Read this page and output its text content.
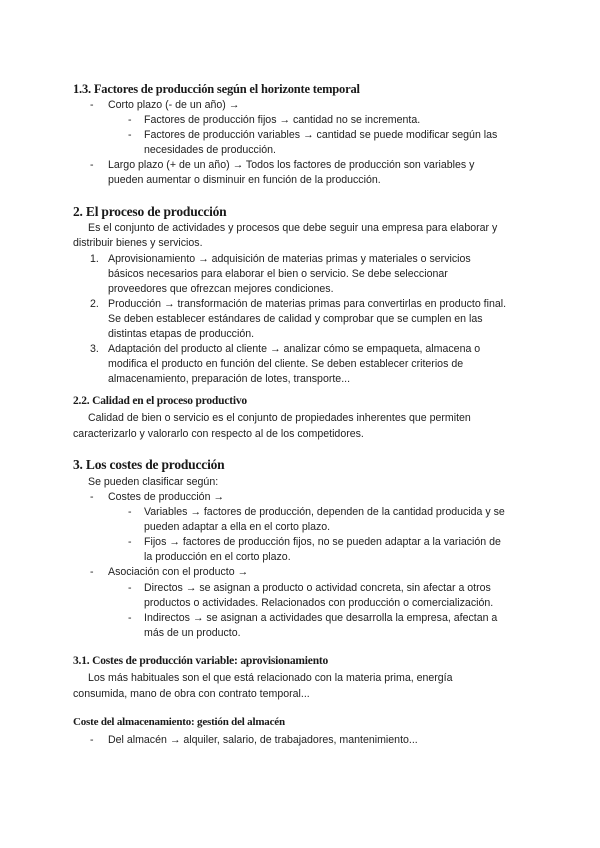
1.3. Factores de producción según el horizonte temporal
- Corto plazo (- de un año) →
- Factores de producción fijos → cantidad no se incrementa.
- Factores de producción variables → cantidad se puede modificar según las
necesidades de producción.
- Largo plazo (+ de un año) → Todos los factores de producción son variables y
pueden aumentar o disminuir en función de la producción.
2. El proceso de producción
Es el conjunto de actividades y procesos que debe seguir una empresa para elaborar y
distribuir bienes y servicios.
1. Aprovisionamiento → adquisición de materias primas y materiales o servicios
básicos necesarios para elaborar el bien o servicio. Se debe seleccionar
proveedores que ofrezcan mejores condiciones.
2. Producción → transformación de materias primas para convertirlas en producto final.
Se deben establecer estándares de calidad y comprobar que se cumplen en las
distintas etapas de producción.
3. Adaptación del producto al cliente → analizar cómo se empaqueta, almacena o
modifica el producto en función del cliente. Se deben establecer criterios de
almacenamiento, preparación de lotes, transporte...
2.2. Calidad en el proceso productivo
Calidad de bien o servicio es el conjunto de propiedades inherentes que permiten
caracterizarlo y valorarlo con respecto al de los competidores.
3. Los costes de producción
Se pueden clasificar según:
- Costes de producción →
- Variables → factores de producción, dependen de la cantidad producida y se
pueden adaptar a ella en el corto plazo.
- Fijos → factores de producción fijos, no se pueden adaptar a la variación de
la producción en el corto plazo.
- Asociación con el producto →
- Directos → se asignan a producto o actividad concreta, sin afectar a otros
productos o actividades. Relacionados con producción o comercialización.
- Indirectos → se asignan a actividades que desarrolla la empresa, afectan a
más de un producto.
3.1. Costes de producción variable: aprovisionamiento
Los más habituales son el que está relacionado con la materia prima, energía
consumida, mano de obra con contrato temporal...
Coste del almacenamiento: gestión del almacén
- Del almacén → alquiler, salario, de trabajadores, mantenimiento...
